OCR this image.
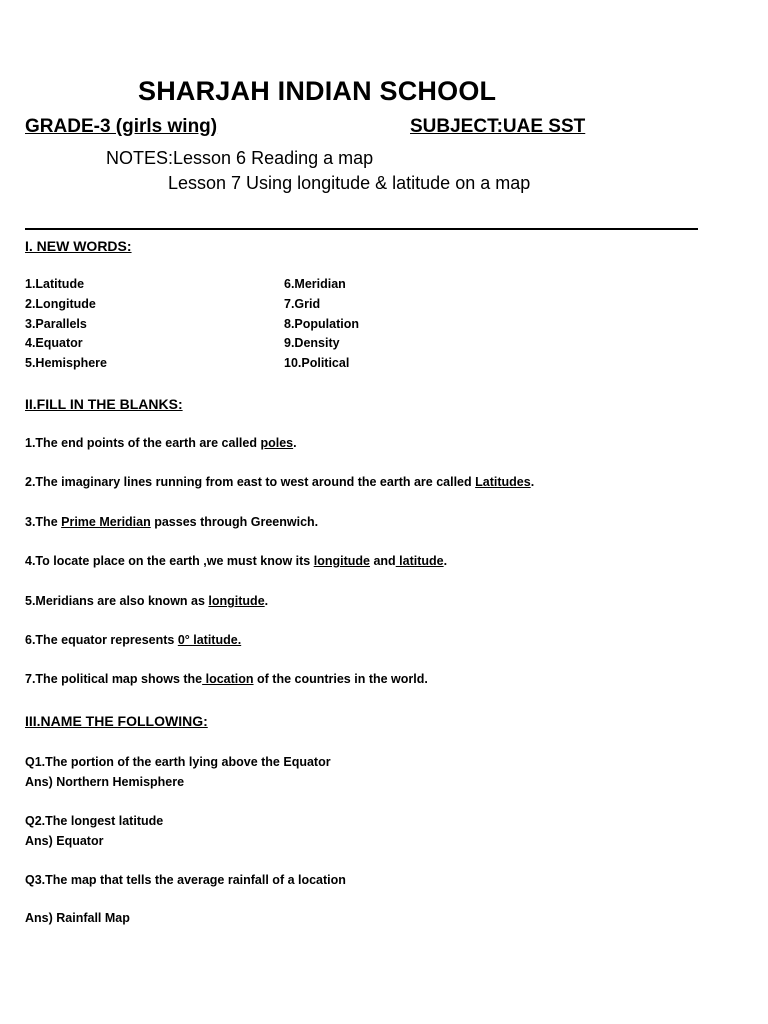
SHARJAH INDIAN SCHOOL
GRADE-3 (girls wing)	SUBJECT:UAE SST
NOTES:Lesson 6 Reading a map
Lesson 7 Using longitude & latitude on a map
I. NEW WORDS:
1.Latitude
2.Longitude
3.Parallels
4.Equator
5.Hemisphere
6.Meridian
7.Grid
8.Population
9.Density
10.Political
II.FILL IN THE BLANKS:
1.The end points of the earth are called poles.
2.The imaginary lines running from east to west around the earth are called Latitudes.
3.The Prime Meridian passes through Greenwich.
4.To locate place on the earth ,we must know its longitude and latitude.
5.Meridians are also known as longitude.
6.The equator represents 0° latitude.
7.The political map shows the location of the countries in the world.
III.NAME THE FOLLOWING:
Q1.The portion of the earth lying above the Equator
Ans) Northern Hemisphere
Q2.The longest latitude
Ans) Equator
Q3.The map that tells the average rainfall of a location
Ans) Rainfall Map
